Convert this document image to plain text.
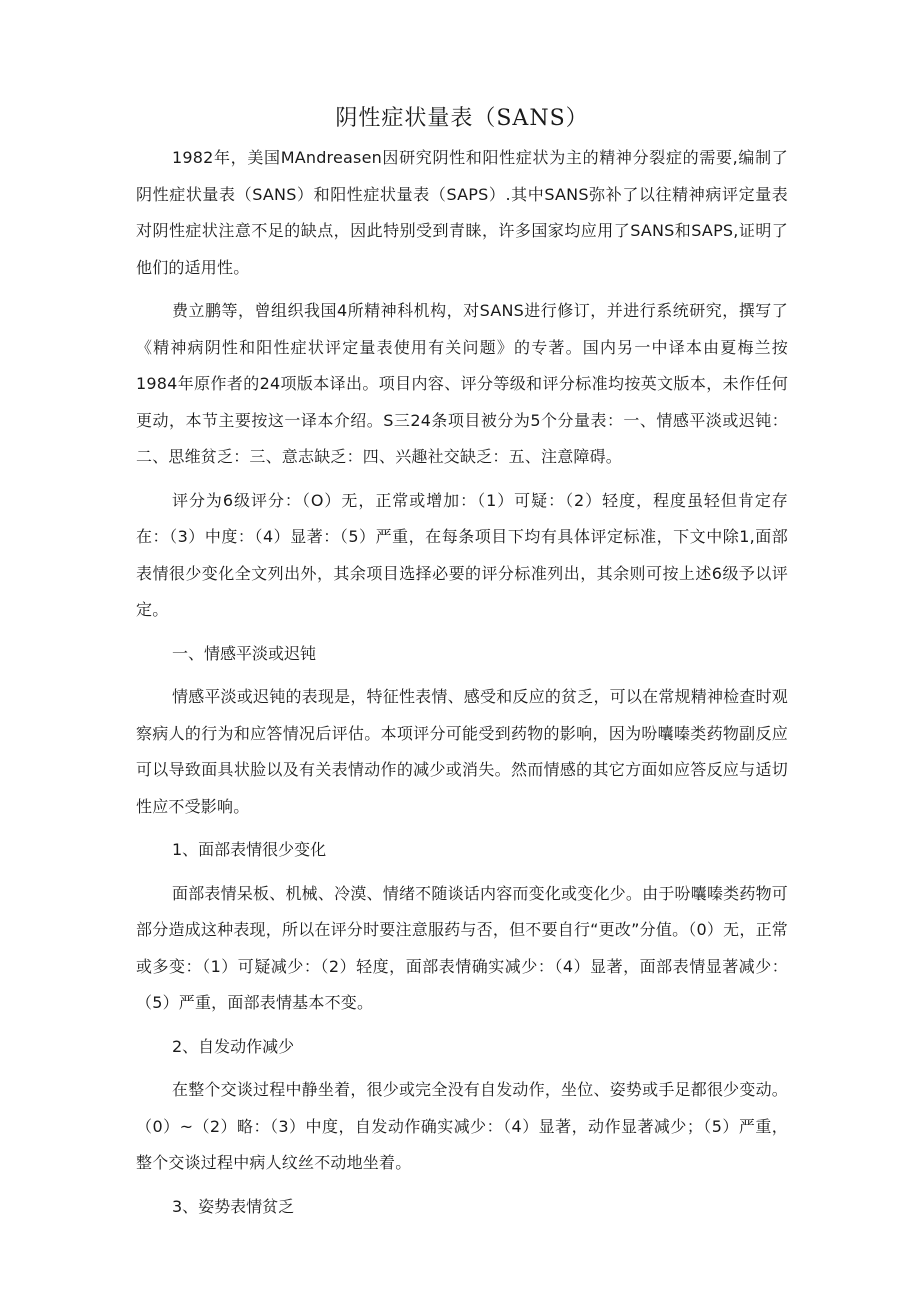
阴性症状量表（SANS）

1982年，美国MAndreasen因研究阴性和阳性症状为主的精神分裂症的需要,编制了阴性症状量表（SANS）和阳性症状量表（SAPS）.其中SANS弥补了以往精神病评定量表对阴性症状注意不足的缺点，因此特别受到青睐，许多国家均应用了SANS和SAPS,证明了他们的适用性。

费立鹏等，曾组织我国4所精神科机构，对SANS进行修订，并进行系统研究，撰写了《精神病阴性和阳性症状评定量表使用有关问题》的专著。国内另一中译本由夏梅兰按1984年原作者的24项版本译出。项目内容、评分等级和评分标准均按英文版本，未作任何更动，本节主要按这一译本介绍。S三24条项目被分为5个分量表：一、情感平淡或迟钝：二、思维贫乏：三、意志缺乏：四、兴趣社交缺乏：五、注意障碍。

评分为6级评分：（O）无，正常或增加：（1）可疑：（2）轻度，程度虽轻但肯定存在：（3）中度：（4）显著：（5）严重，在每条项目下均有具体评定标准，下文中除1,面部表情很少变化全文列出外，其余项目选择必要的评分标准列出，其余则可按上述6级予以评定。

一、情感平淡或迟钝

情感平淡或迟钝的表现是，特征性表情、感受和反应的贫乏，可以在常规精神检查时观察病人的行为和应答情况后评估。本项评分可能受到药物的影响，因为吩囔嗪类药物副反应可以导致面具状脸以及有关表情动作的减少或消失。然而情感的其它方面如应答反应与适切性应不受影响。

1、面部表情很少变化

面部表情呆板、机械、冷漠、情绪不随谈话内容而变化或变化少。由于吩囔嗪类药物可部分造成这种表现，所以在评分时要注意服药与否，但不要自行“更改”分值。（0）无，正常或多变：（1）可疑减少：（2）轻度，面部表情确实减少：（4）显著，面部表情显著减少：（5）严重，面部表情基本不变。

2、自发动作减少

在整个交谈过程中静坐着，很少或完全没有自发动作，坐位、姿势或手足都很少变动。（0）~（2）略：（3）中度，自发动作确实减少：（4）显著，动作显著减少；（5）严重，整个交谈过程中病人纹丝不动地坐着。

3、姿势表情贫乏
